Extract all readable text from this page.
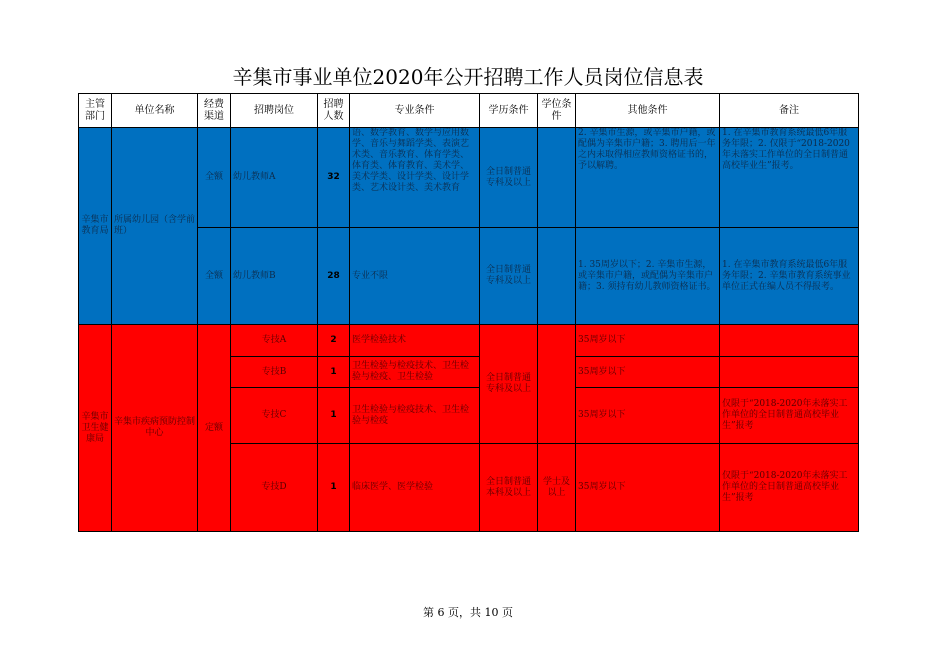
辛集市事业单位2020年公开招聘工作人员岗位信息表
主管部门	单位名称	经费渠道	招聘岗位	招聘人数	专业条件	学历条件	学位条件	其他条件	备注
辛集市教育局	所属幼儿园（含学前班）	全额	幼儿教师A	32	语、数学教育、数学与应用数学、音乐与舞蹈学类、表演艺术类、音乐教育、体育学类、体育类、体育教育、美术学、美术学类、设计学类、设计学类、艺术设计类、美术教育	全日制普通专科及以上		2. 辛集市生源，或辛集市户籍，或配偶为辛集市户籍；3. 聘用后一年之内未取得相应教师资格证书的，予以解聘。	1. 在辛集市教育系统最低6年服务年限；2. 仅限于“2018-2020年未落实工作单位的全日制普通高校毕业生”报考。

		全额	幼儿教师B	28	专业不限	全日制普通专科及以上		1. 35周岁以下；2. 辛集市生源，或辛集市户籍，或配偶为辛集市户籍；3. 须持有幼儿教师资格证书。	1. 在辛集市教育系统最低6年服务年限；2. 辛集市教育系统事业单位正式在编人员不得报考。
辛集市卫生健康局	辛集市疾病预防控制中心	定额	专技A	2	医学检验技术	全日制普通专科及以上		35周岁以下	
			专技B	1	卫生检验与检疫技术、卫生检验与检疫、卫生检验			35周岁以下	
			专技C	1	卫生检验与检疫技术、卫生检验与检疫			35周岁以下	仅限于“2018-2020年未落实工作单位的全日制普通高校毕业生”报考
			专技D	1	临床医学、医学检验	全日制普通本科及以上	学士及以上	35周岁以下	仅限于“2018-2020年未落实工作单位的全日制普通高校毕业生”报考
第 6 页，共 10 页
